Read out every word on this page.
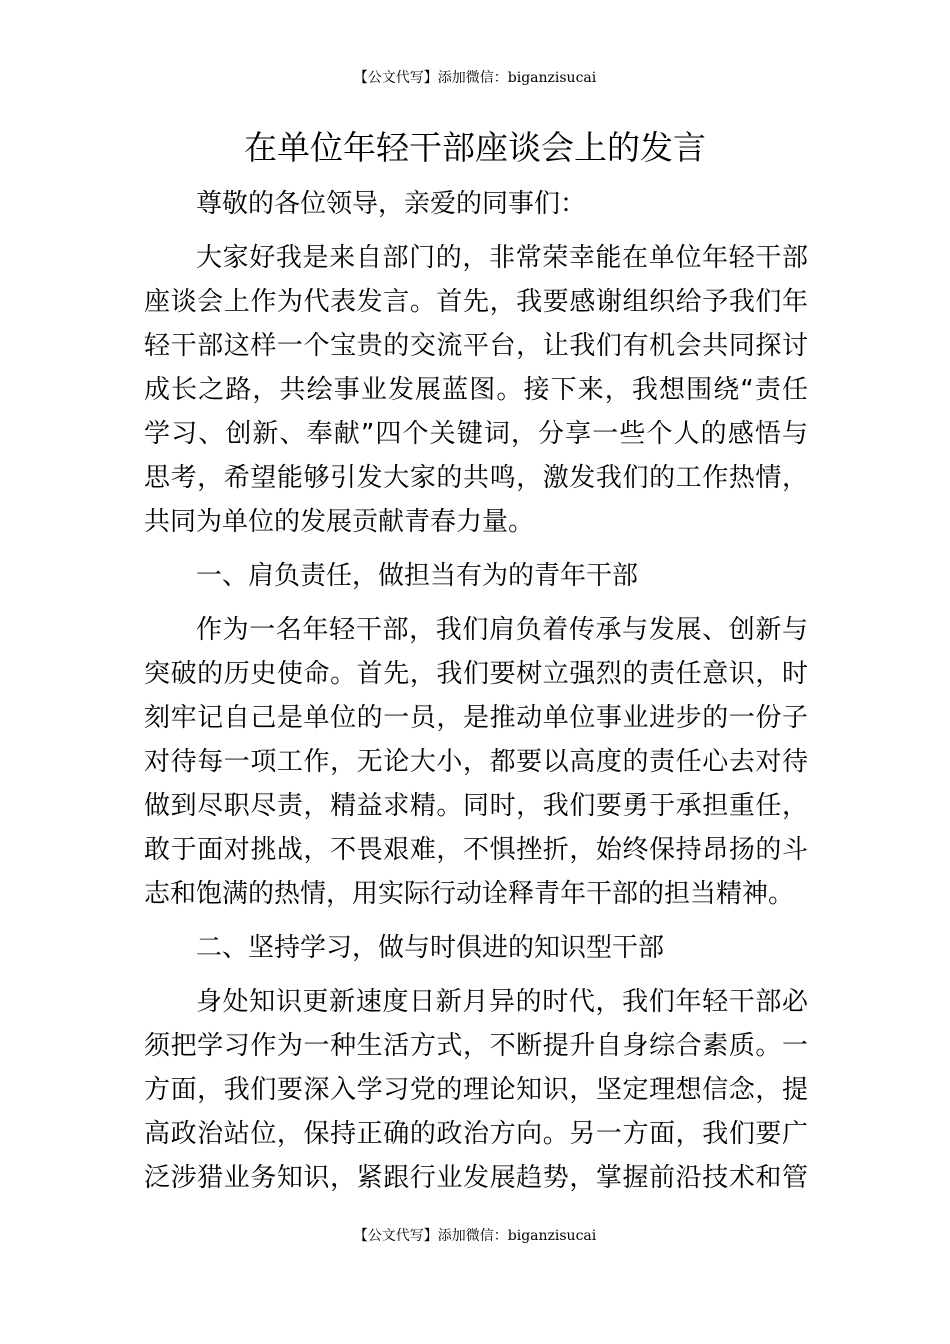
【公文代写】添加微信：biganzisucai
在单位年轻干部座谈会上的发言

尊敬的各位领导，亲爱的同事们：

大家好我是来自部门的，非常荣幸能在单位年轻干部
座谈会上作为代表发言。首先，我要感谢组织给予我们年
轻干部这样一个宝贵的交流平台，让我们有机会共同探讨
成长之路，共绘事业发展蓝图。接下来，我想围绕“责任
学习、创新、奉献”四个关键词，分享一些个人的感悟与
思考，希望能够引发大家的共鸣，激发我们的工作热情，
共同为单位的发展贡献青春力量。

一、肩负责任，做担当有为的青年干部

作为一名年轻干部，我们肩负着传承与发展、创新与
突破的历史使命。首先，我们要树立强烈的责任意识，时
刻牢记自己是单位的一员，是推动单位事业进步的一份子
对待每一项工作，无论大小，都要以高度的责任心去对待
做到尽职尽责，精益求精。同时，我们要勇于承担重任，
敢于面对挑战，不畏艰难，不惧挫折，始终保持昂扬的斗
志和饱满的热情，用实际行动诠释青年干部的担当精神。

二、坚持学习，做与时俱进的知识型干部

身处知识更新速度日新月异的时代，我们年轻干部必
须把学习作为一种生活方式，不断提升自身综合素质。一
方面，我们要深入学习党的理论知识，坚定理想信念，提
高政治站位，保持正确的政治方向。另一方面，我们要广
泛涉猎业务知识，紧跟行业发展趋势，掌握前沿技术和管

【公文代写】添加微信：biganzisucai
